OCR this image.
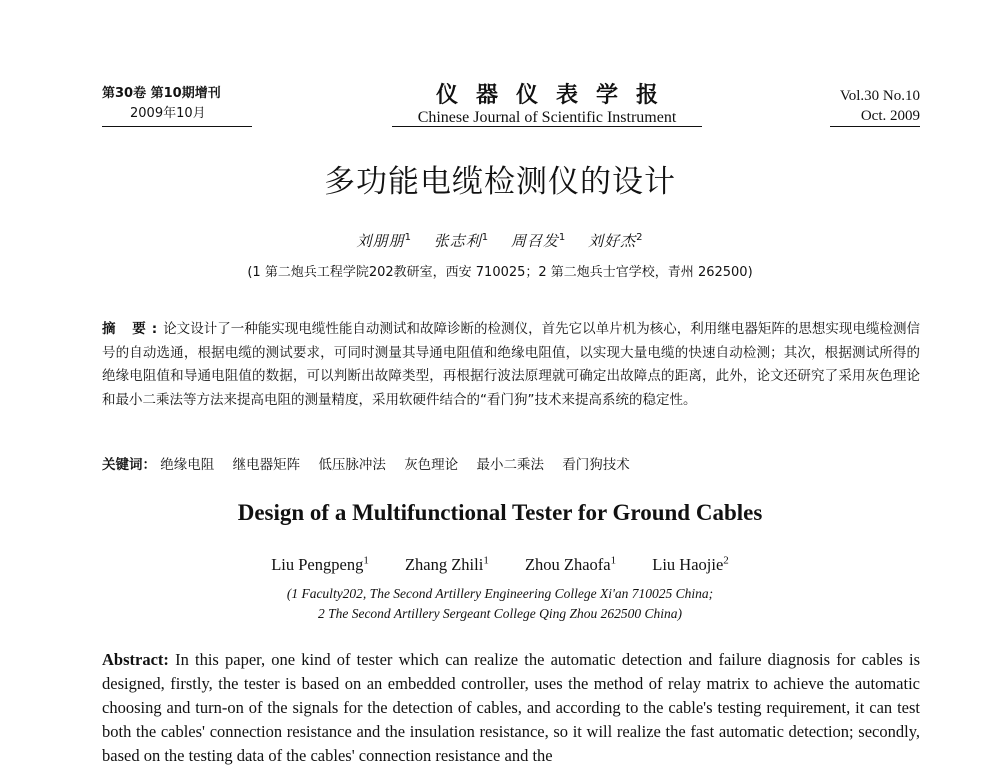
第30卷 第10期增刊
2009年10月
仪器仪表学报
Chinese Journal of Scientific Instrument
Vol.30 No.10
Oct. 2009
多功能电缆检测仪的设计
刘朋朋$^1$ 张志利$^1$ 周召发$^1$ 刘好杰$^2$
(1 第二炮兵工程学院202教研室，西安 710025；2 第二炮兵士官学校，青州 262500)
摘 要:论文设计了一种能实现电缆性能自动测试和故障诊断的检测仪，首先它以单片机为核心，利用继电器矩阵的思想实现电缆检测信号的自动选通，根据电缆的测试要求，可同时测量其导通电阻值和绝缘电阻值，以实现大量电缆的快速自动检测；其次，根据测试所得的绝缘电阻值和导通电阻值的数据，可以判断出故障类型，再根据行波法原理就可确定出故障点的距离，此外，论文还研究了采用灰色理论和最小二乘法等方法来提高电阻的测量精度，采用软硬件结合的“看门狗”技术来提高系统的稳定性。
关键词： 绝缘电阻 继电器矩阵 低压脉冲法 灰色理论 最小二乘法 看门狗技术
Design of a Multifunctional Tester for Ground Cables
Liu Pengpeng$^1$ Zhang Zhili$^1$ Zhou Zhaofa$^1$ Liu Haojie$^2$
(1 Faculty202, The Second Artillery Engineering College Xi'an 710025 China;
2 The Second Artillery Sergeant College Qing Zhou 262500 China)
Abstract: In this paper, one kind of tester which can realize the automatic detection and failure diagnosis for cables is designed, firstly, the tester is based on an embedded controller, uses the method of relay matrix to achieve the automatic choosing and turn-on of the signals for the detection of cables, and according to the cable's testing requirement, it can test both the cables' connection resistance and the insulation resistance, so it will realize the fast automatic detection; secondly, based on the testing data of the cables' connection resistance and the
